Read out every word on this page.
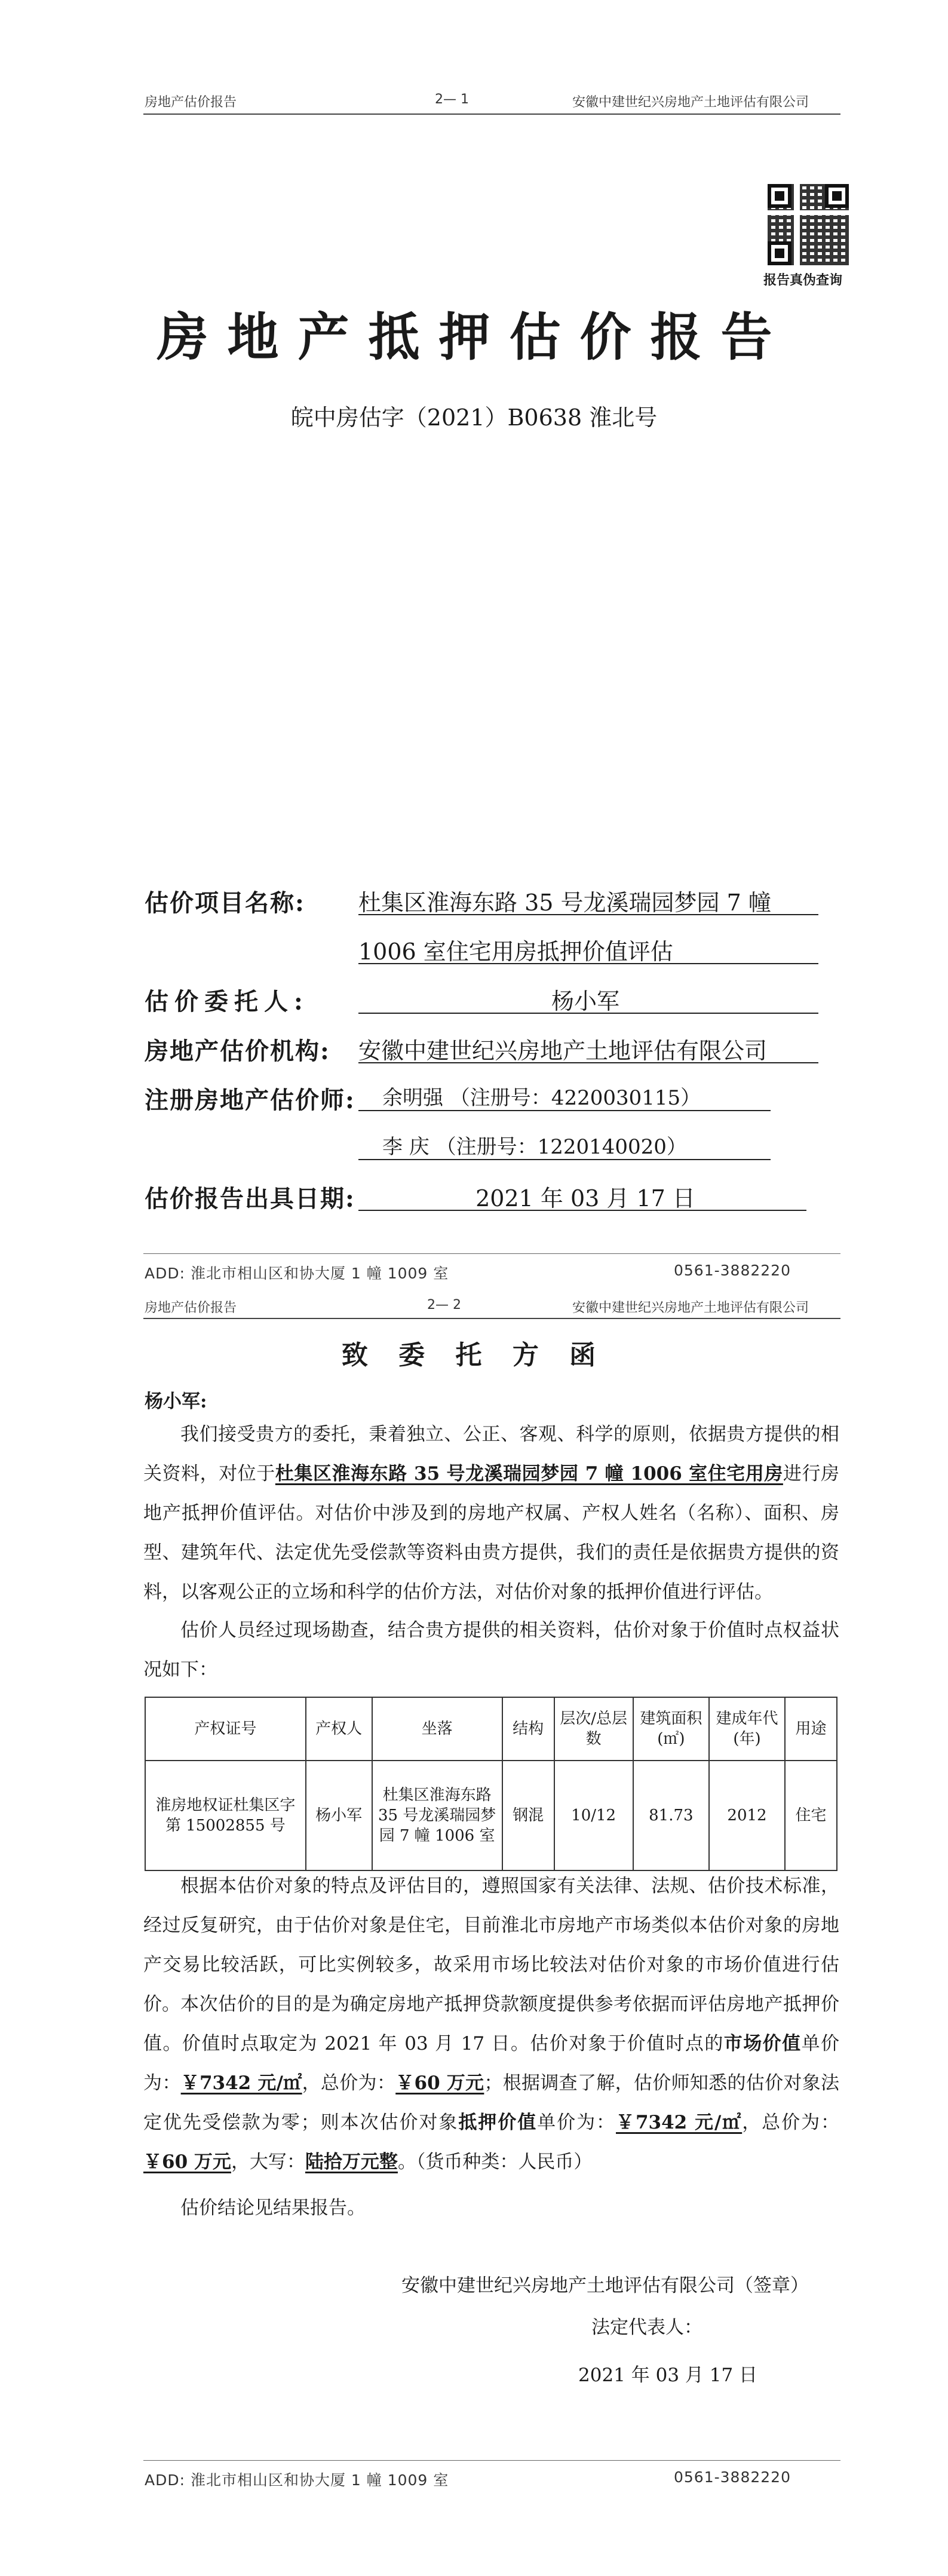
房地产估价报告	2— 1	安徽中建世纪兴房地产土地评估有限公司
报告真伪查询
房地产抵押估价报告
皖中房估字（2021）B0638 淮北号
估价项目名称: 杜集区淮海东路 35 号龙溪瑞园梦园 7 幢
1006 室住宅用房抵押价值评估
估价委托人:	杨小军
房地产估价机构: 安徽中建世纪兴房地产土地评估有限公司
注册房地产估价师: 余明强 （注册号：4220030115）
李 庆 （注册号：1220140020）
估价报告出具日期:	2021 年 03 月 17 日
ADD: 淮北市相山区和协大厦 1 幢 1009 室	0561-3882220
房地产估价报告	2— 2	安徽中建世纪兴房地产土地评估有限公司
致 委 托 方 函
杨小军:
我们接受贵方的委托，秉着独立、公正、客观、科学的原则，依据贵方提供的相关资料，对位于杜集区淮海东路 35 号龙溪瑞园梦园 7 幢 1006 室住宅用房进行房地产抵押价值评估。对估价中涉及到的房地产权属、产权人姓名（名称）、面积、房型、建筑年代、法定优先受偿款等资料由贵方提供，我们的责任是依据贵方提供的资料，以客观公正的立场和科学的估价方法，对估价对象的抵押价值进行评估。
估价人员经过现场勘查，结合贵方提供的相关资料，估价对象于价值时点权益状况如下：
产权证号	产权人	坐落	结构	层次/总层数	建筑面积(㎡)	建成年代(年)	用途
淮房地权证杜集区字第 15002855 号	杨小军	杜集区淮海东路 35 号龙溪瑞园梦园 7 幢 1006 室	钢混	10/12	81.73	2012	住宅
根据本估价对象的特点及评估目的，遵照国家有关法律、法规、估价技术标准，经过反复研究，由于估价对象是住宅，目前淮北市房地产市场类似本估价对象的房地产交易比较活跃，可比实例较多，故采用市场比较法对估价对象的市场价值进行估价。 本次估价的目的是为确定房地产抵押贷款额度提供参考依据而评估房地产抵押价值。价值时点取定为 2021 年 03 月 17 日。估价对象于价值时点的市场价值单价为：￥7342 元/㎡，总价为：￥60 万元；根据调查了解，估价师知悉的估价对象法定优先受偿款为零；则本次估价对象抵押价值单价为：￥7342 元/㎡，总价为：￥60 万元，大写：陆拾万元整。（货币种类：人民币）
估价结论见结果报告。
安徽中建世纪兴房地产土地评估有限公司（签章）
法定代表人：
2021 年 03 月 17 日
ADD: 淮北市相山区和协大厦 1 幢 1009 室	0561-3882220
